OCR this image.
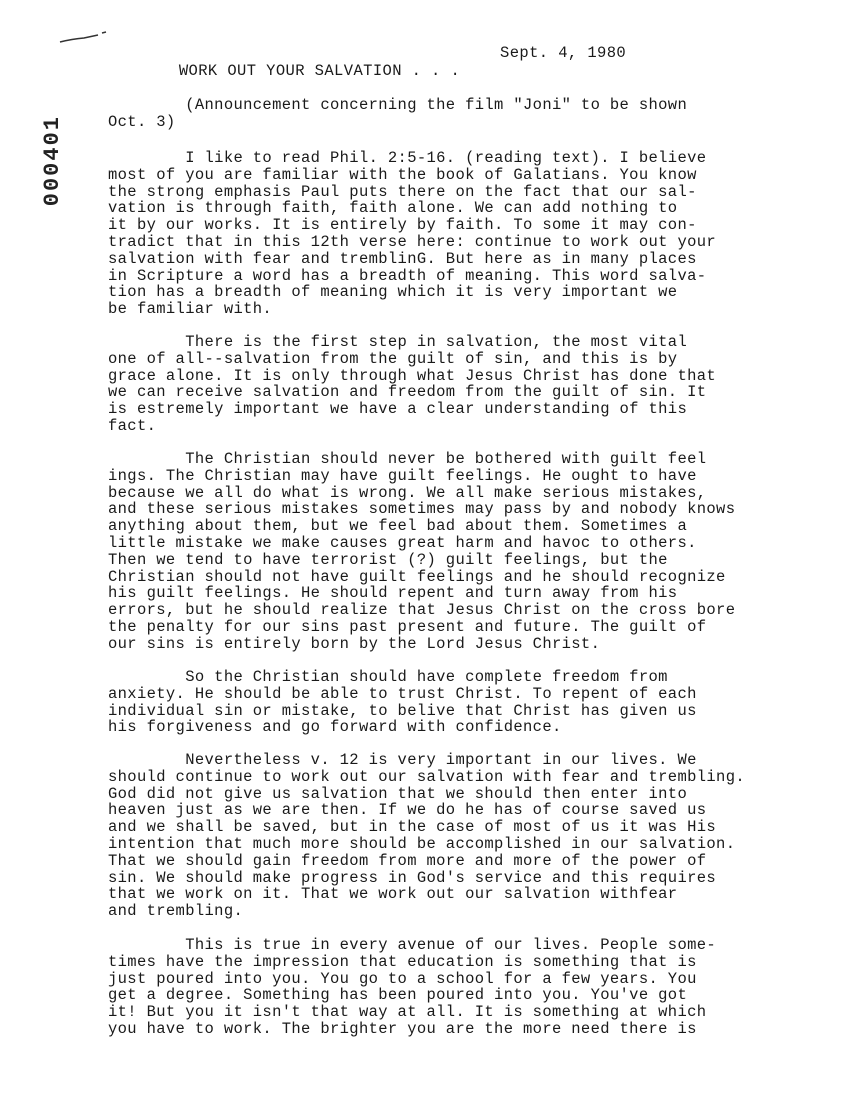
WORK OUT YOUR SALVATION . . .

Sept. 4, 1980

000401
(Announcement concerning the film "Joni" to be shown
Oct. 3)
I like to read Phil. 2:5-16. (reading text). I believe
most of you are familiar with the book of Galatians. You know
the strong emphasis Paul puts there on the fact that our sal-
vation is through faith, faith alone. We can add nothing to
it by our works. It is entirely by faith. To some it may con-
tradict that in this 12th verse here: continue to work out your
salvation with fear and tremblinG. But here as in many places
in Scripture a word has a breadth of meaning. This word salva-
tion has a breadth of meaning which it is very important we
be familiar with.
There is the first step in salvation, the most vital
one of all--salvation from the guilt of sin, and this is by
grace alone. It is only through what Jesus Christ has done that
we can receive salvation and freedom from the guilt of sin. It
is estremely important we have a clear understanding of this
fact.
The Christian should never be bothered with guilt feel
ings. The Christian may have guilt feelings. He ought to have
because we all do what is wrong. We all make serious mistakes,
and these serious mistakes sometimes may pass by and nobody knows
anything about them, but we feel bad about them. Sometimes a
little mistake we make causes great harm and havoc to others.
Then we tend to have terrorist (?) guilt feelings, but the
Christian should not have guilt feelings and he should recognize
his guilt feelings. He should repent and turn away from his
errors, but he should realize that Jesus Christ on the cross bore
the penalty for our sins past present and future. The guilt of
our sins is entirely born by the Lord Jesus Christ.
So the Christian should have complete freedom from
anxiety. He should be able to trust Christ. To repent of each
individual sin or mistake, to belive that Christ has given us
his forgiveness and go forward with confidence.
Nevertheless v. 12 is very important in our lives. We
should continue to work out our salvation with fear and trembling.
God did not give us salvation that we should then enter into
heaven just as we are then. If we do he has of course saved us
and we shall be saved, but in the case of most of us it was His
intention that much more should be accomplished in our salvation.
That we should gain freedom from more and more of the power of
sin. We should make progress in God's service and this requires
that we work on it. That we work out our salvation withfear
and trembling.
This is true in every avenue of our lives. People some-
times have the impression that education is something that is
just poured into you. You go to a school for a few years. You
get a degree. Something has been poured into you. You've got
it! But you it isn't that way at all. It is something at which
you have to work. The brighter you are the more need there is
